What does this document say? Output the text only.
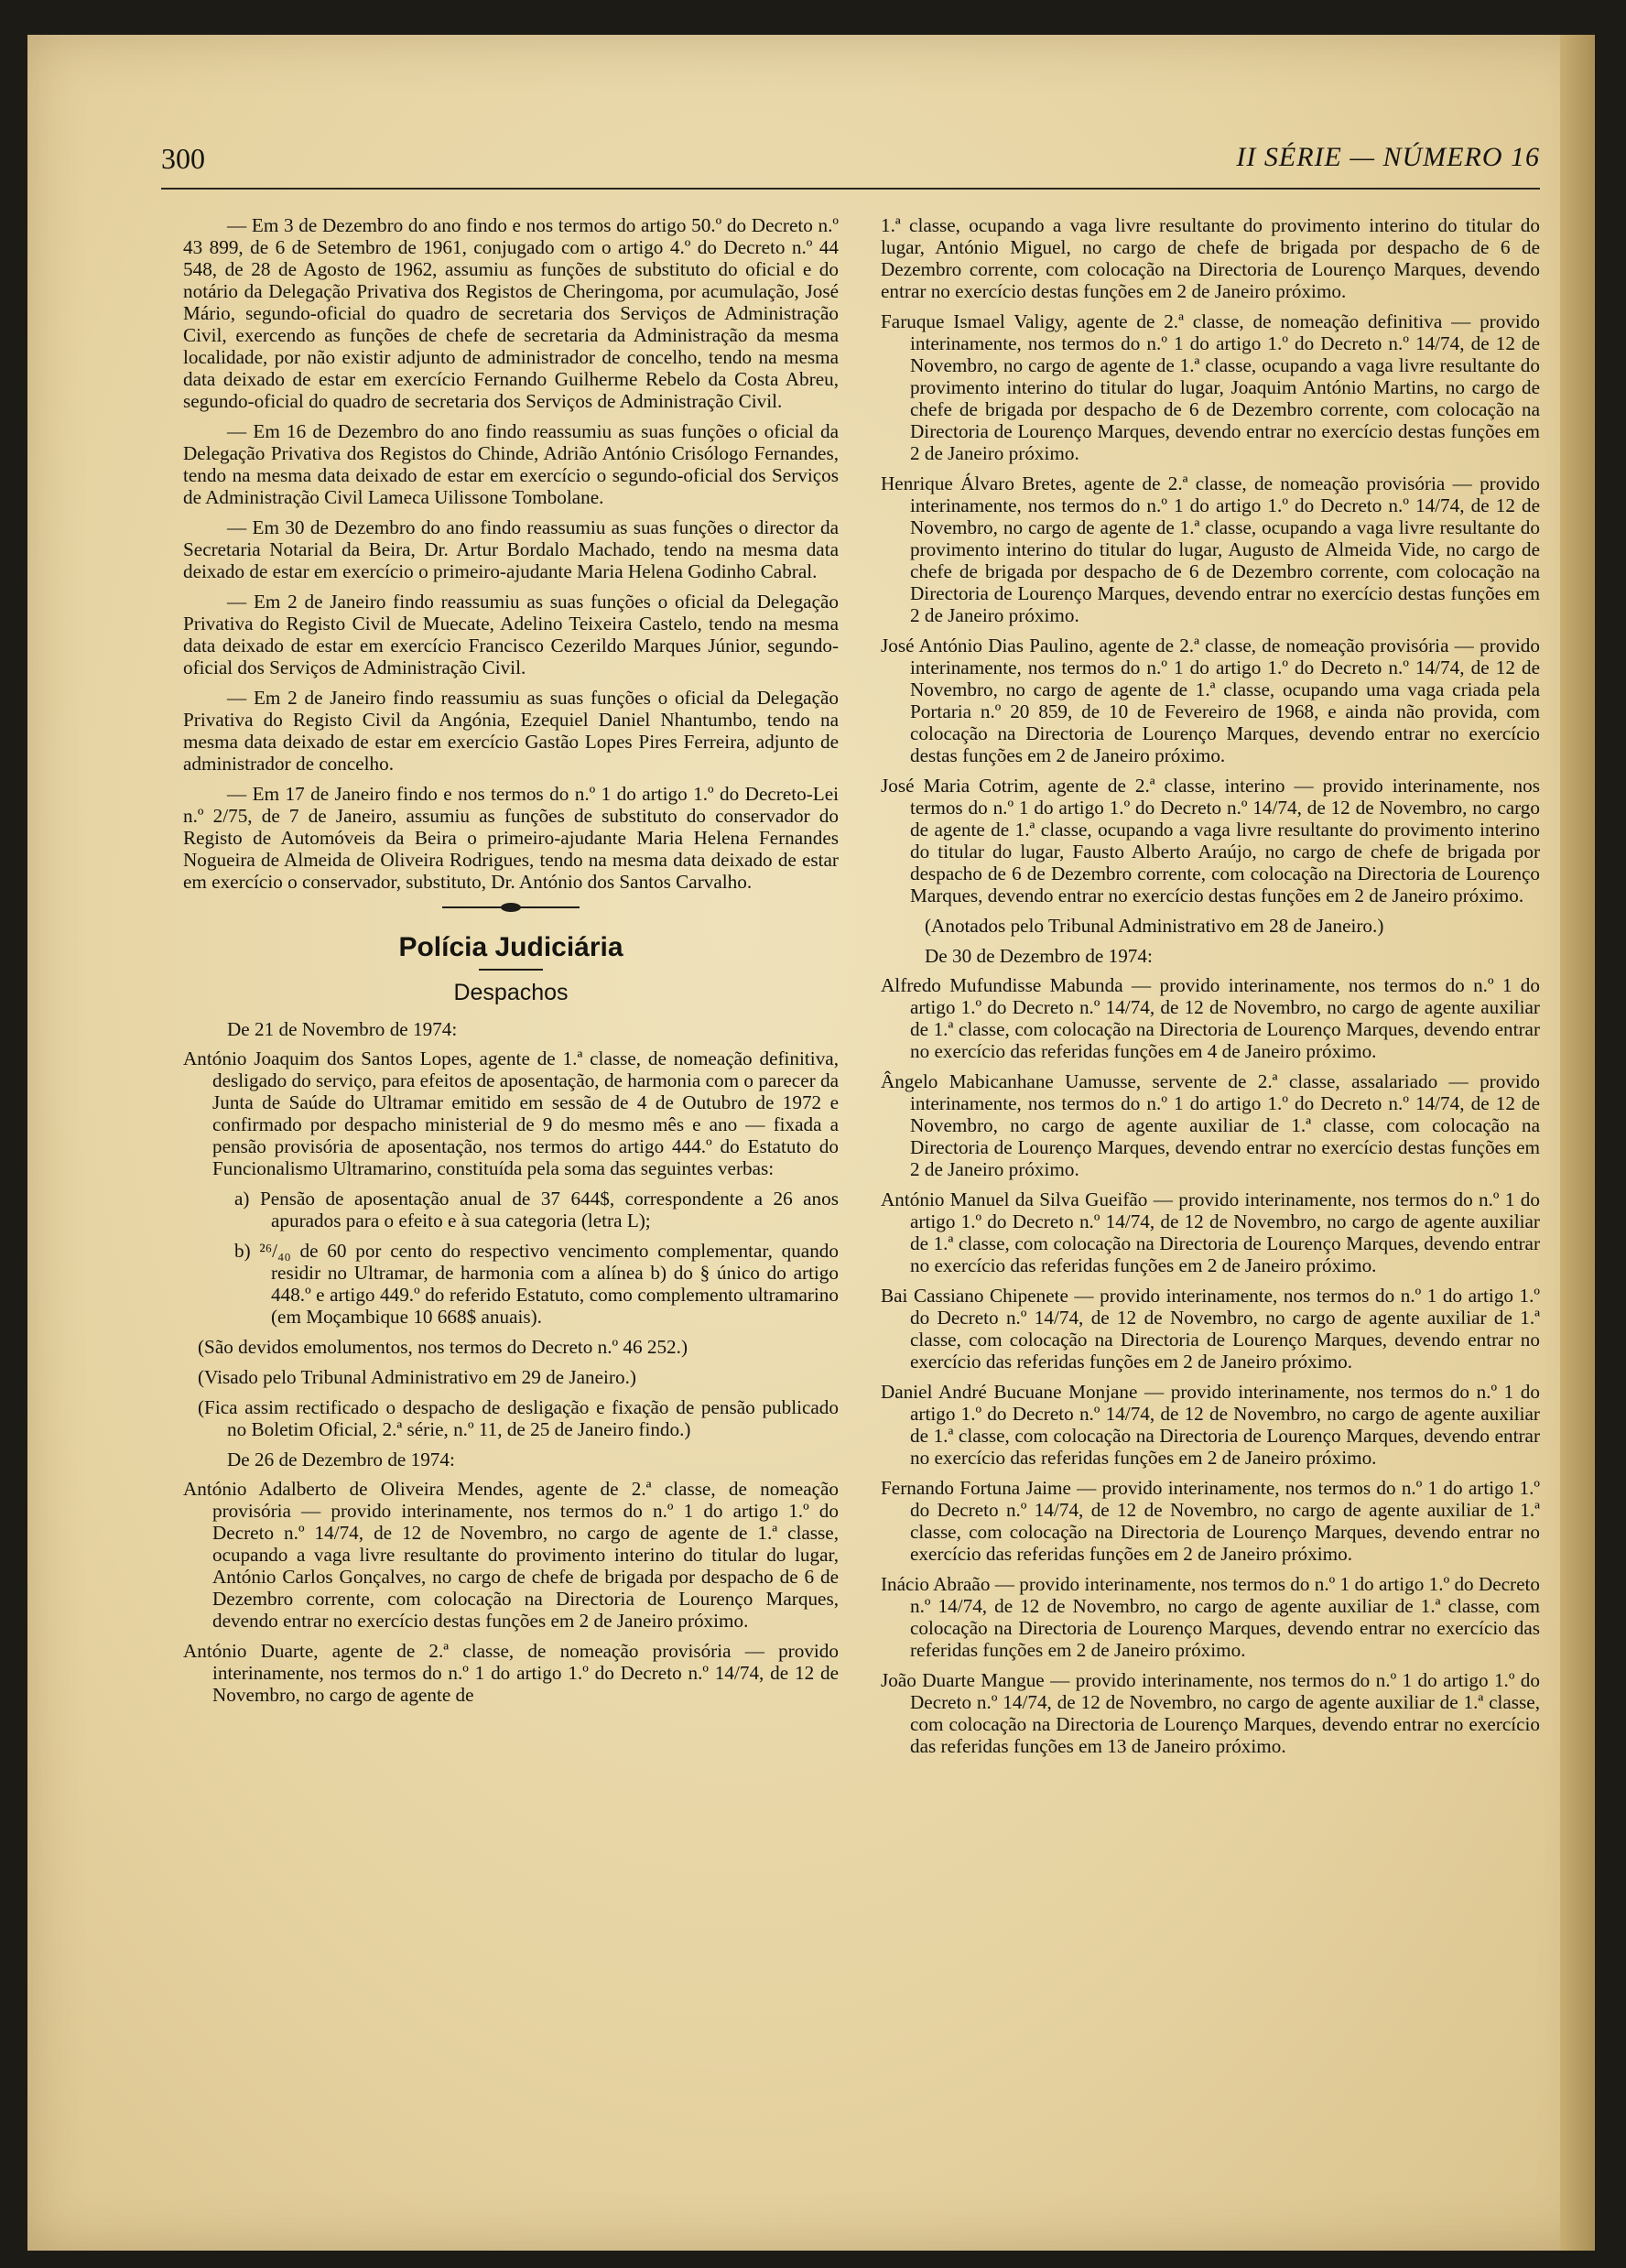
300	II SÉRIE — NÚMERO 16

— Em 3 de Dezembro do ano findo e nos termos do artigo 50.º do Decreto n.º 43 899, de 6 de Setembro de 1961, conjugado com o artigo 4.º do Decreto n.º 44 548, de 28 de Agosto de 1962, assumiu as funções de substituto do oficial e do notário da Delegação Privativa dos Registos de Cheringoma, por acumulação, José Mário, segundo-oficial do quadro de secretaria dos Serviços de Administração Civil, exercendo as funções de chefe de secretaria da Administração da mesma localidade, por não existir adjunto de administrador de concelho, tendo na mesma data deixado de estar em exercício Fernando Guilherme Rebelo da Costa Abreu, segundo-oficial do quadro de secretaria dos Serviços de Administração Civil.

— Em 16 de Dezembro do ano findo reassumiu as suas funções o oficial da Delegação Privativa dos Registos do Chinde, Adrião António Crisólogo Fernandes, tendo na mesma data deixado de estar em exercício o segundo-oficial dos Serviços de Administração Civil Lameca Uilissone Tombolane.

— Em 30 de Dezembro do ano findo reassumiu as suas funções o director da Secretaria Notarial da Beira, Dr. Artur Bordalo Machado, tendo na mesma data deixado de estar em exercício o primeiro-ajudante Maria Helena Godinho Cabral.

— Em 2 de Janeiro findo reassumiu as suas funções o oficial da Delegação Privativa do Registo Civil de Muecate, Adelino Teixeira Castelo, tendo na mesma data deixado de estar em exercício Francisco Cezerildo Marques Júnior, segundo-oficial dos Serviços de Administração Civil.

— Em 2 de Janeiro findo reassumiu as suas funções o oficial da Delegação Privativa do Registo Civil da Angónia, Ezequiel Daniel Nhantumbo, tendo na mesma data deixado de estar em exercício Gastão Lopes Pires Ferreira, adjunto de administrador de concelho.

— Em 17 de Janeiro findo e nos termos do n.º 1 do artigo 1.º do Decreto-Lei n.º 2/75, de 7 de Janeiro, assumiu as funções de substituto do conservador do Registo de Automóveis da Beira o primeiro-ajudante Maria Helena Fernandes Nogueira de Almeida de Oliveira Rodrigues, tendo na mesma data deixado de estar em exercício o conservador, substituto, Dr. António dos Santos Carvalho.

Polícia Judiciária

Despachos

De 21 de Novembro de 1974:

António Joaquim dos Santos Lopes, agente de 1.ª classe, de nomeação definitiva, desligado do serviço, para efeitos de aposentação, de harmonia com o parecer da Junta de Saúde do Ultramar emitido em sessão de 4 de Outubro de 1972 e confirmado por despacho ministerial de 9 do mesmo mês e ano — fixada a pensão provisória de aposentação, nos termos do artigo 444.º do Estatuto do Funcionalismo Ultramarino, constituída pela soma das seguintes verbas:

a) Pensão de aposentação anual de 37 644$, correspondente a 26 anos apurados para o efeito e à sua categoria (letra L);

b) ²⁶/₄₀ de 60 por cento do respectivo vencimento complementar, quando residir no Ultramar, de harmonia com a alínea b) do § único do artigo 448.º e artigo 449.º do referido Estatuto, como complemento ultramarino (em Moçambique 10 668$ anuais).

(São devidos emolumentos, nos termos do Decreto n.º 46 252.)

(Visado pelo Tribunal Administrativo em 29 de Janeiro.)

(Fica assim rectificado o despacho de desligação e fixação de pensão publicado no Boletim Oficial, 2.ª série, n.º 11, de 25 de Janeiro findo.)

De 26 de Dezembro de 1974:

António Adalberto de Oliveira Mendes, agente de 2.ª classe, de nomeação provisória — provido interinamente, nos termos do n.º 1 do artigo 1.º do Decreto n.º 14/74, de 12 de Novembro, no cargo de agente de 1.ª classe, ocupando a vaga livre resultante do provimento interino do titular do lugar, António Carlos Gonçalves, no cargo de chefe de brigada por despacho de 6 de Dezembro corrente, com colocação na Directoria de Lourenço Marques, devendo entrar no exercício destas funções em 2 de Janeiro próximo.

António Duarte, agente de 2.ª classe, de nomeação provisória — provido interinamente, nos termos do n.º 1 do artigo 1.º do Decreto n.º 14/74, de 12 de Novembro, no cargo de agente de

1.ª classe, ocupando a vaga livre resultante do provimento interino do titular do lugar, António Miguel, no cargo de chefe de brigada por despacho de 6 de Dezembro corrente, com colocação na Directoria de Lourenço Marques, devendo entrar no exercício destas funções em 2 de Janeiro próximo.

Faruque Ismael Valigy, agente de 2.ª classe, de nomeação definitiva — provido interinamente, nos termos do n.º 1 do artigo 1.º do Decreto n.º 14/74, de 12 de Novembro, no cargo de agente de 1.ª classe, ocupando a vaga livre resultante do provimento interino do titular do lugar, Joaquim António Martins, no cargo de chefe de brigada por despacho de 6 de Dezembro corrente, com colocação na Directoria de Lourenço Marques, devendo entrar no exercício destas funções em 2 de Janeiro próximo.

Henrique Álvaro Bretes, agente de 2.ª classe, de nomeação provisória — provido interinamente, nos termos do n.º 1 do artigo 1.º do Decreto n.º 14/74, de 12 de Novembro, no cargo de agente de 1.ª classe, ocupando a vaga livre resultante do provimento interino do titular do lugar, Augusto de Almeida Vide, no cargo de chefe de brigada por despacho de 6 de Dezembro corrente, com colocação na Directoria de Lourenço Marques, devendo entrar no exercício destas funções em 2 de Janeiro próximo.

José António Dias Paulino, agente de 2.ª classe, de nomeação provisória — provido interinamente, nos termos do n.º 1 do artigo 1.º do Decreto n.º 14/74, de 12 de Novembro, no cargo de agente de 1.ª classe, ocupando uma vaga criada pela Portaria n.º 20 859, de 10 de Fevereiro de 1968, e ainda não provida, com colocação na Directoria de Lourenço Marques, devendo entrar no exercício destas funções em 2 de Janeiro próximo.

José Maria Cotrim, agente de 2.ª classe, interino — provido interinamente, nos termos do n.º 1 do artigo 1.º do Decreto n.º 14/74, de 12 de Novembro, no cargo de agente de 1.ª classe, ocupando a vaga livre resultante do provimento interino do titular do lugar, Fausto Alberto Araújo, no cargo de chefe de brigada por despacho de 6 de Dezembro corrente, com colocação na Directoria de Lourenço Marques, devendo entrar no exercício destas funções em 2 de Janeiro próximo.

(Anotados pelo Tribunal Administrativo em 28 de Janeiro.)

De 30 de Dezembro de 1974:

Alfredo Mufundisse Mabunda — provido interinamente, nos termos do n.º 1 do artigo 1.º do Decreto n.º 14/74, de 12 de Novembro, no cargo de agente auxiliar de 1.ª classe, com colocação na Directoria de Lourenço Marques, devendo entrar no exercício das referidas funções em 4 de Janeiro próximo.

Ângelo Mabicanhane Uamusse, servente de 2.ª classe, assalariado — provido interinamente, nos termos do n.º 1 do artigo 1.º do Decreto n.º 14/74, de 12 de Novembro, no cargo de agente auxiliar de 1.ª classe, com colocação na Directoria de Lourenço Marques, devendo entrar no exercício destas funções em 2 de Janeiro próximo.

António Manuel da Silva Gueifão — provido interinamente, nos termos do n.º 1 do artigo 1.º do Decreto n.º 14/74, de 12 de Novembro, no cargo de agente auxiliar de 1.ª classe, com colocação na Directoria de Lourenço Marques, devendo entrar no exercício das referidas funções em 2 de Janeiro próximo.

Bai Cassiano Chipenete — provido interinamente, nos termos do n.º 1 do artigo 1.º do Decreto n.º 14/74, de 12 de Novembro, no cargo de agente auxiliar de 1.ª classe, com colocação na Directoria de Lourenço Marques, devendo entrar no exercício das referidas funções em 2 de Janeiro próximo.

Daniel André Bucuane Monjane — provido interinamente, nos termos do n.º 1 do artigo 1.º do Decreto n.º 14/74, de 12 de Novembro, no cargo de agente auxiliar de 1.ª classe, com colocação na Directoria de Lourenço Marques, devendo entrar no exercício das referidas funções em 2 de Janeiro próximo.

Fernando Fortuna Jaime — provido interinamente, nos termos do n.º 1 do artigo 1.º do Decreto n.º 14/74, de 12 de Novembro, no cargo de agente auxiliar de 1.ª classe, com colocação na Directoria de Lourenço Marques, devendo entrar no exercício das referidas funções em 2 de Janeiro próximo.

Inácio Abraão — provido interinamente, nos termos do n.º 1 do artigo 1.º do Decreto n.º 14/74, de 12 de Novembro, no cargo de agente auxiliar de 1.ª classe, com colocação na Directoria de Lourenço Marques, devendo entrar no exercício das referidas funções em 2 de Janeiro próximo.

João Duarte Mangue — provido interinamente, nos termos do n.º 1 do artigo 1.º do Decreto n.º 14/74, de 12 de Novembro, no cargo de agente auxiliar de 1.ª classe, com colocação na Directoria de Lourenço Marques, devendo entrar no exercício das referidas funções em 13 de Janeiro próximo.
